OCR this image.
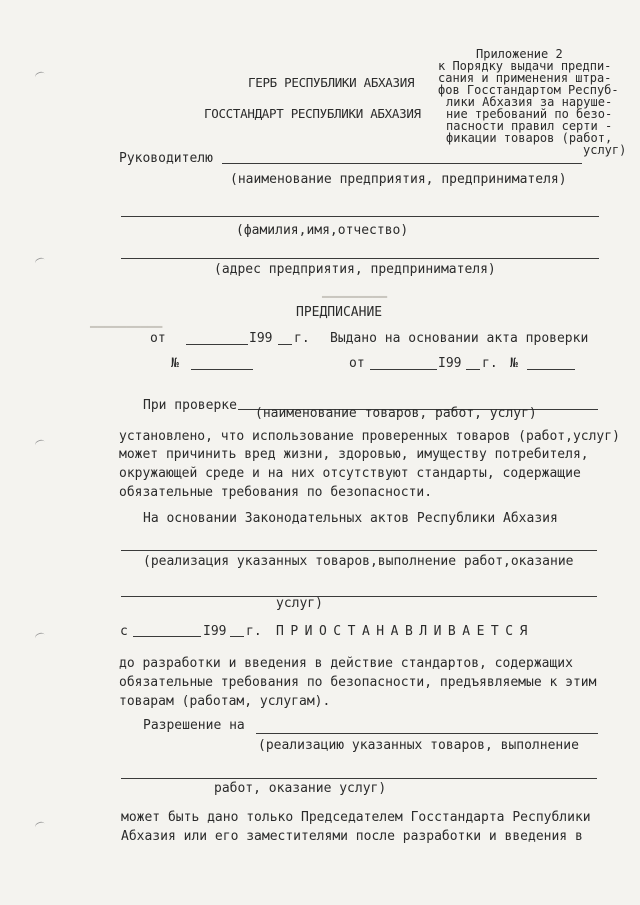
Приложение 2
к Порядку выдачи предпи-
сания и применения штра-
фов Госстандартом Респуб-
лики Абхазия за наруше-
ние требований по безо-
пасности правил серти -
фикации товаров (работ,
услуг)
ГЕРБ РЕСПУБЛИКИ АБХАЗИЯ
ГОССТАНДАРТ РЕСПУБЛИКИ АБХАЗИЯ
Руководителю
(наименование предприятия, предпринимателя)
(фамилия,имя,отчество)
(адрес предприятия, предпринимателя)
━━━━━━━━━
━━━━━━━━━━
ПРЕДПИСАНИЕ
от	I99 г. Выдано на основании акта проверки
№	от	I99 г. №
При проверке
(наименование товаров, работ, услуг)
установлено, что использование проверенных товаров (работ,услуг)
может причинить вред жизни, здоровью, имуществу потребителя,
окружающей среде и на них отсутствуют стандарты, содержащие
обязательные требования по безопасности.
На основании Законодательных актов Республики Абхазия
(реализация указанных товаров,выполнение работ,оказание
услуг)
с	I99 г. ПРИОСТАНАВЛИВАЕТСЯ
до разработки и введения в действие стандартов, содержащих
обязательные требования по безопасности, предъявляемые к этим
товарам (работам, услугам).
Разрешение на
(реализацию указанных товаров, выполнение
работ, оказание услуг)
может быть дано только Председателем Госстандарта Республики
Абхазия или его заместителями после разработки и введения в
